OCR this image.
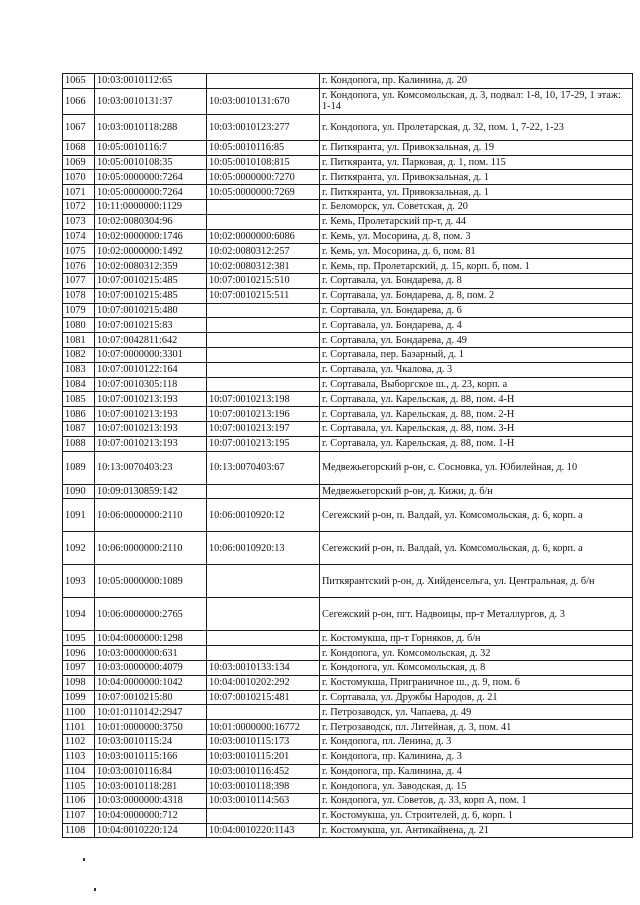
1065	10:03:0010112:65		г. Кондопога, пр. Калинина, д. 20
1066	10:03:0010131:37	10:03:0010131:670	г. Кондопога, ул. Комсомольская, д. 3, подвал: 1-8, 10, 17-29, 1 этаж: 1-14
1067	10:03:0010118:288	10:03:0010123:277	г. Кондопога, ул. Пролетарская, д. 32, пом. 1, 7-22, 1-23
1068	10:05:0010116:7	10:05:0010116:85	г. Питкяранта, ул. Привокзальная, д. 19
1069	10:05:0010108:35	10:05:0010108:815	г. Питкяранта, ул. Парковая, д. 1, пом. 115
1070	10:05:0000000:7264	10:05:0000000:7270	г. Питкяранта, ул. Привокзальная, д. 1
1071	10:05:0000000:7264	10:05:0000000:7269	г. Питкяранта, ул. Привокзальная, д. 1
1072	10:11:0000000:1129		г. Беломорск, ул. Советская, д. 20
1073	10:02:0080304:96		г. Кемь, Пролетарский пр-т, д. 44
1074	10:02:0000000:1746	10:02:0000000:6086	г. Кемь, ул. Мосорина, д. 8, пом. 3
1075	10:02:0000000:1492	10:02:0080312:257	г. Кемь, ул. Мосорина, д. 6, пом. 81
1076	10:02:0080312:359	10:02:0080312:381	г. Кемь, пр. Пролетарский, д. 15, корп. б, пом. 1
1077	10:07:0010215:485	10:07:0010215:510	г. Сортавала, ул. Бондарева, д. 8
1078	10:07:0010215:485	10:07:0010215:511	г. Сортавала, ул. Бондарева, д. 8, пом. 2
1079	10:07:0010215:480		г. Сортавала, ул. Бондарева, д. 6
1080	10:07:0010215:83		г. Сортавала, ул. Бондарева, д. 4
1081	10:07:0042811:642		г. Сортавала, ул. Бондарева, д. 49
1082	10:07:0000000:3301		г. Сортавала, пер. Базарный, д. 1
1083	10:07:0010122:164		г. Сортавала, ул. Чкалова, д. 3
1084	10:07:0010305:118		г. Сортавала, Выборгское ш., д. 23, корп. а
1085	10:07:0010213:193	10:07:0010213:198	г. Сортавала, ул. Карельская, д. 88, пом. 4-Н
1086	10:07:0010213:193	10:07:0010213:196	г. Сортавала, ул. Карельская, д. 88, пом. 2-Н
1087	10:07:0010213:193	10:07:0010213:197	г. Сортавала, ул. Карельская, д. 88, пом. 3-Н
1088	10:07:0010213:193	10:07:0010213:195	г. Сортавала, ул. Карельская, д. 88, пом. 1-Н
1089	10:13:0070403:23	10:13:0070403:67	Медвежьегорский р-он, с. Сосновка, ул. Юбилейная, д. 10
1090	10:09:0130859:142		Медвежьегорский р-он, д. Кижи, д. б/н
1091	10:06:0000000:2110	10:06:0010920:12	Сегежский р-он, п. Валдай, ул. Комсомольская, д. 6, корп. а
1092	10:06:0000000:2110	10:06:0010920:13	Сегежский р-он, п. Валдай, ул. Комсомольская, д. 6, корп. а
1093	10:05:0000000:1089		Питкярантский р-он, д. Хийденсельга, ул. Центральная, д. б/н
1094	10:06:0000000:2765		Сегежский р-он, пгт. Надвоицы, пр-т Металлургов, д. 3
1095	10:04:0000000:1298		г. Костомукша, пр-т Горняков, д. б/н
1096	10:03:0000000:631		г. Кондопога, ул. Комсомольская, д. 32
1097	10:03:0000000:4079	10:03:0010133:134	г. Кондопога, ул. Комсомольская, д. 8
1098	10:04:0000000:1042	10:04:0010202:292	г. Костомукша, Приграничное ш., д. 9, пом. 6
1099	10:07:0010215:80	10:07:0010215:481	г. Сортавала, ул. Дружбы Народов, д. 21
1100	10:01:0110142:2947		г. Петрозаводск, ул. Чапаева, д. 49
1101	10:01:0000000:3750	10:01:0000000:16772	г. Петрозаводск, пл. Литейная, д. 3, пом. 41
1102	10:03:0010115:24	10:03:0010115:173	г. Кондопога, пл. Ленина, д. 3
1103	10:03:0010115:166	10:03:0010115:201	г. Кондопога, пр. Калинина, д. 3
1104	10:03:0010116:84	10:03:0010116:452	г. Кондопога, пр. Калинина, д. 4
1105	10:03:0010118:281	10:03:0010118:398	г. Кондопога, ул. Заводская, д. 15
1106	10:03:0000000:4318	10:03:0010114:563	г. Кондопога, ул. Советов, д. 33, корп А, пом. 1
1107	10:04:0000000:712		г. Костомукша, ул. Строителей, д. 6, корп. 1
1108	10:04:0010220:124	10:04:0010220:1143	г. Костомукша, ул. Антикайнена, д. 21
